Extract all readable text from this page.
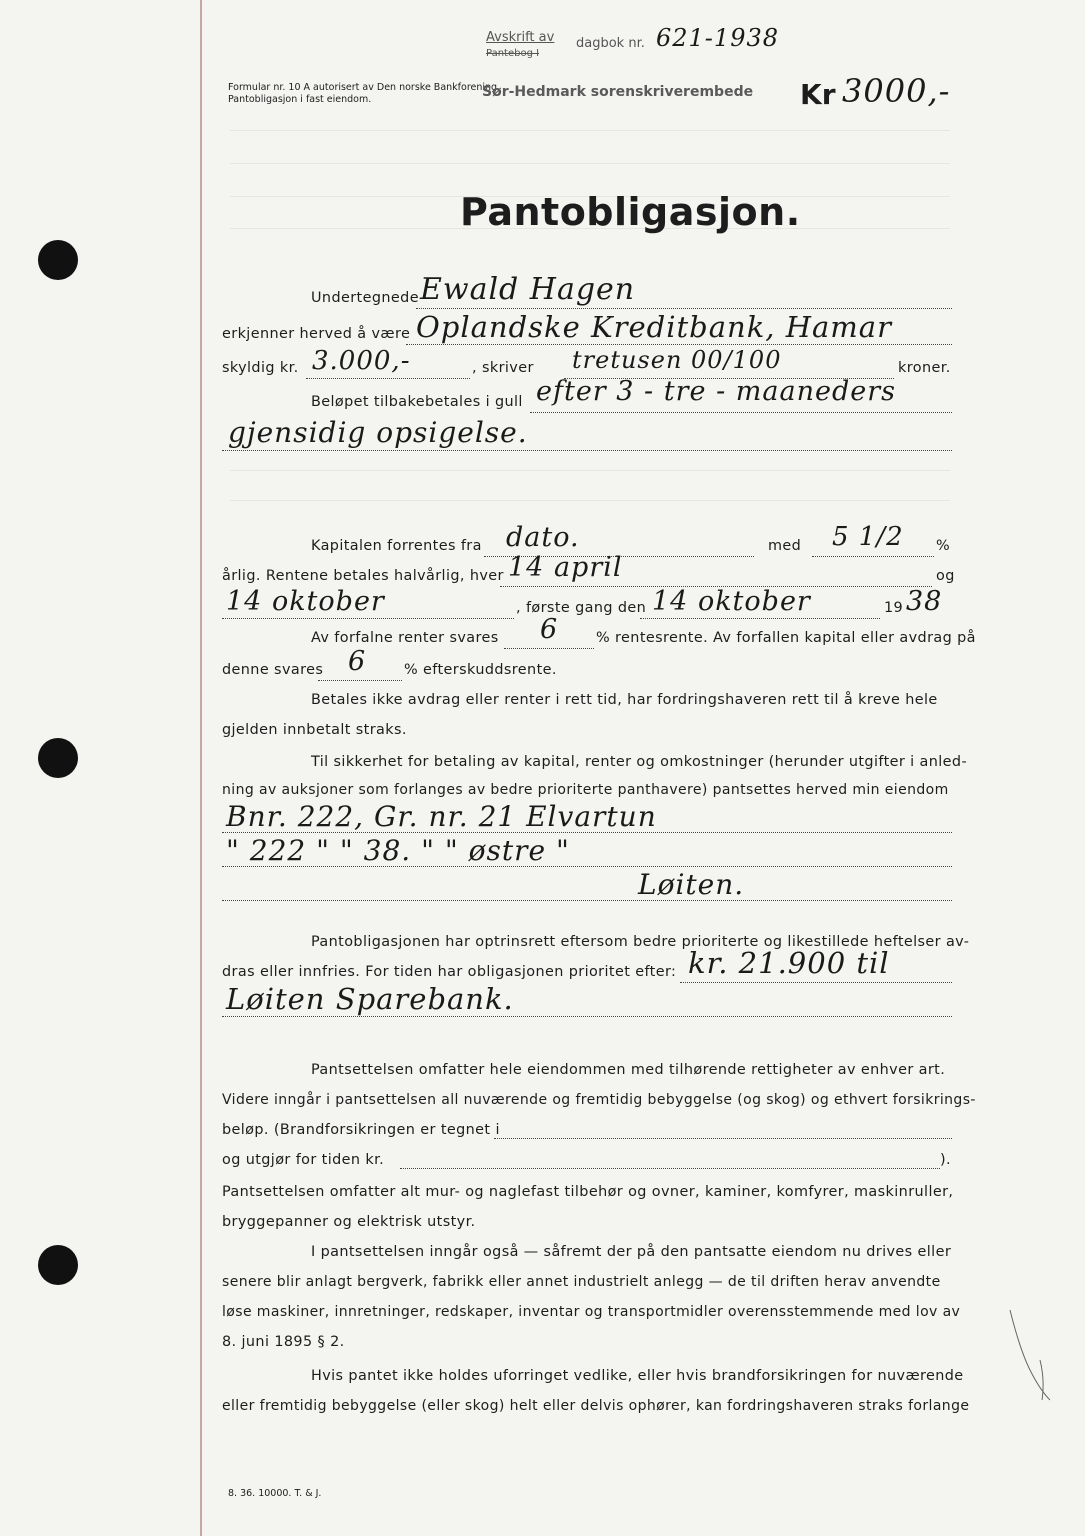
Avskrift av
Pantebog I
dagbok nr. 621-1938
Formular nr. 10 A autorisert av Den norske Bankforening.
Pantobligasjon i fast eiendom.	Sør-Hedmark sorenskriverembede Kr 3000,-
Pantobligasjon.
Undertegnede Ewald Hagen
erkjenner herved å være Oplandske Kreditbank, Hamar
skyldig kr. 3.000,-	, skriver tretusen 00/100	kroner.
Beløpet tilbakebetales i gull efter 3 - tre - maaneders
gjensidig opsigelse.
Kapitalen forrentes fra dato.	med 5 1/2 %
årlig. Rentene betales halvårlig, hver 14 april	og
14 oktober	, første gang den 14 oktober	19 38
Av forfalne renter svares 6	% rentesrente. Av forfallen kapital eller avdrag på
denne svares 6	% efterskuddsrente.
Betales ikke avdrag eller renter i rett tid, har fordringshaveren rett til å kreve hele
gjelden innbetalt straks.
Til sikkerhet for betaling av kapital, renter og omkostninger (herunder utgifter i anled-
ning av auksjoner som forlanges av bedre prioriterte panthavere) pantsettes herved min eiendom
Bnr. 222, Gr. nr. 21 Elvartun
" 222 " " 38. " " østre "
Løiten.
Pantobligasjonen har optrinsrett eftersom bedre prioriterte og likestillede heftelser av-
dras eller innfries. For tiden har obligasjonen prioritet efter: kr. 21.900 til
Løiten Sparebank.
Pantsettelsen omfatter hele eiendommen med tilhørende rettigheter av enhver art.
Videre inngår i pantsettelsen all nuværende og fremtidig bebyggelse (og skog) og ethvert forsikrings-
beløp. (Brandforsikringen er tegnet i
og utgjør for tiden kr.	).
Pantsettelsen omfatter alt mur- og naglefast tilbehør og ovner, kaminer, komfyrer, maskinruller,
bryggepanner og elektrisk utstyr.
I pantsettelsen inngår også — såfremt der på den pantsatte eiendom nu drives eller
senere blir anlagt bergverk, fabrikk eller annet industrielt anlegg — de til driften herav anvendte
løse maskiner, innretninger, redskaper, inventar og transportmidler overensstemmende med lov av
8. juni 1895 § 2.
Hvis pantet ikke holdes uforringet vedlike, eller hvis brandforsikringen for nuværende
eller fremtidig bebyggelse (eller skog) helt eller delvis ophører, kan fordringshaveren straks forlange
8. 36. 10000. T. & J.
